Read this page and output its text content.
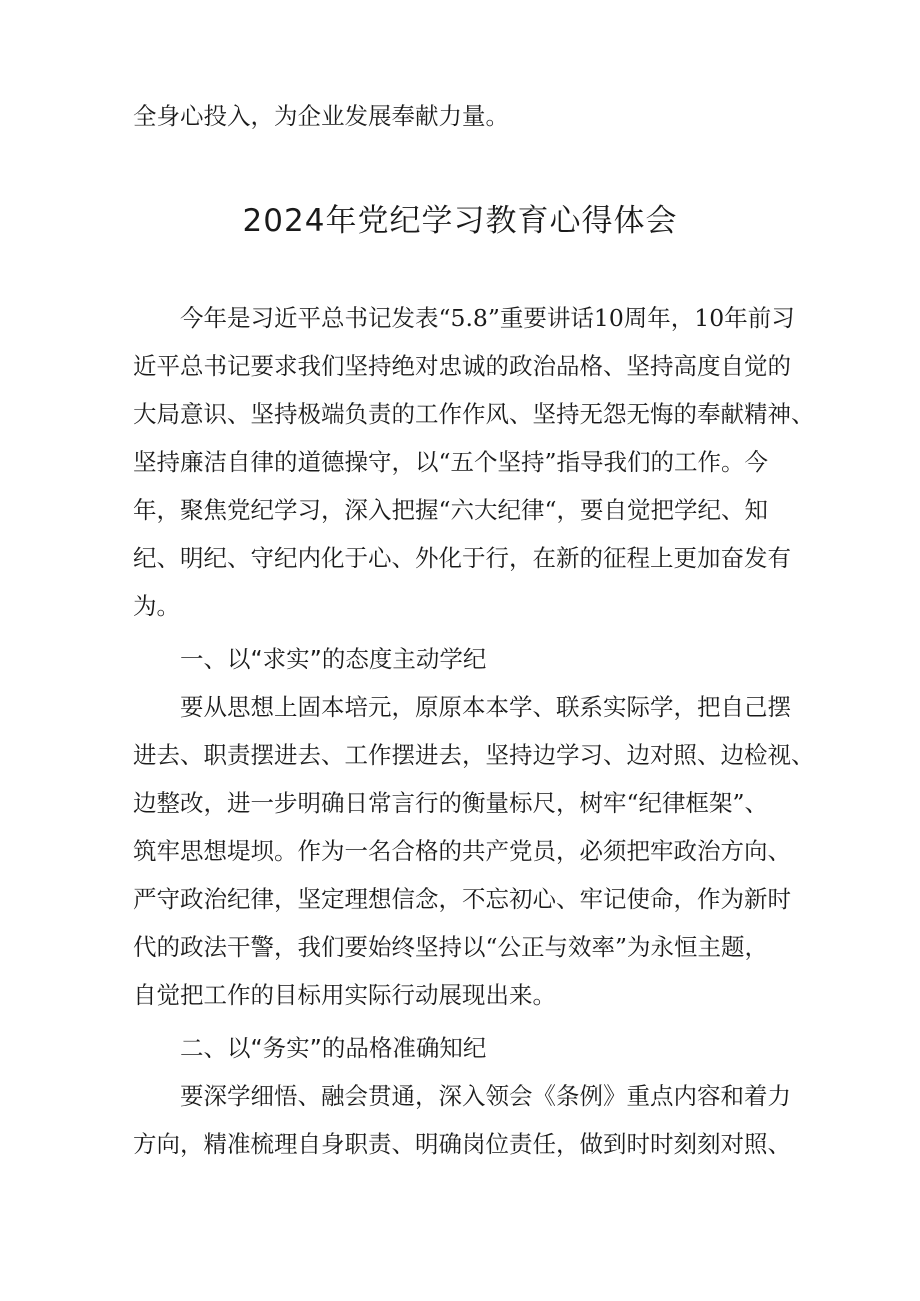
全身心投入，为企业发展奉献力量。
2024年党纪学习教育心得体会
今年是习近平总书记发表“5.8”重要讲话10周年，10年前习
近平总书记要求我们坚持绝对忠诚的政治品格、坚持高度自觉的
大局意识、坚持极端负责的工作作风、坚持无怨无悔的奉献精神、
坚持廉洁自律的道德操守，以“五个坚持”指导我们的工作。今
年，聚焦党纪学习，深入把握“六大纪律“，要自觉把学纪、知
纪、明纪、守纪内化于心、外化于行，在新的征程上更加奋发有
为。
一、以“求实”的态度主动学纪
要从思想上固本培元，原原本本学、联系实际学，把自己摆
进去、职责摆进去、工作摆进去，坚持边学习、边对照、边检视、
边整改，进一步明确日常言行的衡量标尺，树牢“纪律框架”、
筑牢思想堤坝。作为一名合格的共产党员，必须把牢政治方向、
严守政治纪律，坚定理想信念，不忘初心、牢记使命，作为新时
代的政法干警，我们要始终坚持以“公正与效率”为永恒主题，
自觉把工作的目标用实际行动展现出来。
二、以“务实”的品格准确知纪
要深学细悟、融会贯通，深入领会《条例》重点内容和着力
方向，精准梳理自身职责、明确岗位责任，做到时时刻刻对照、
